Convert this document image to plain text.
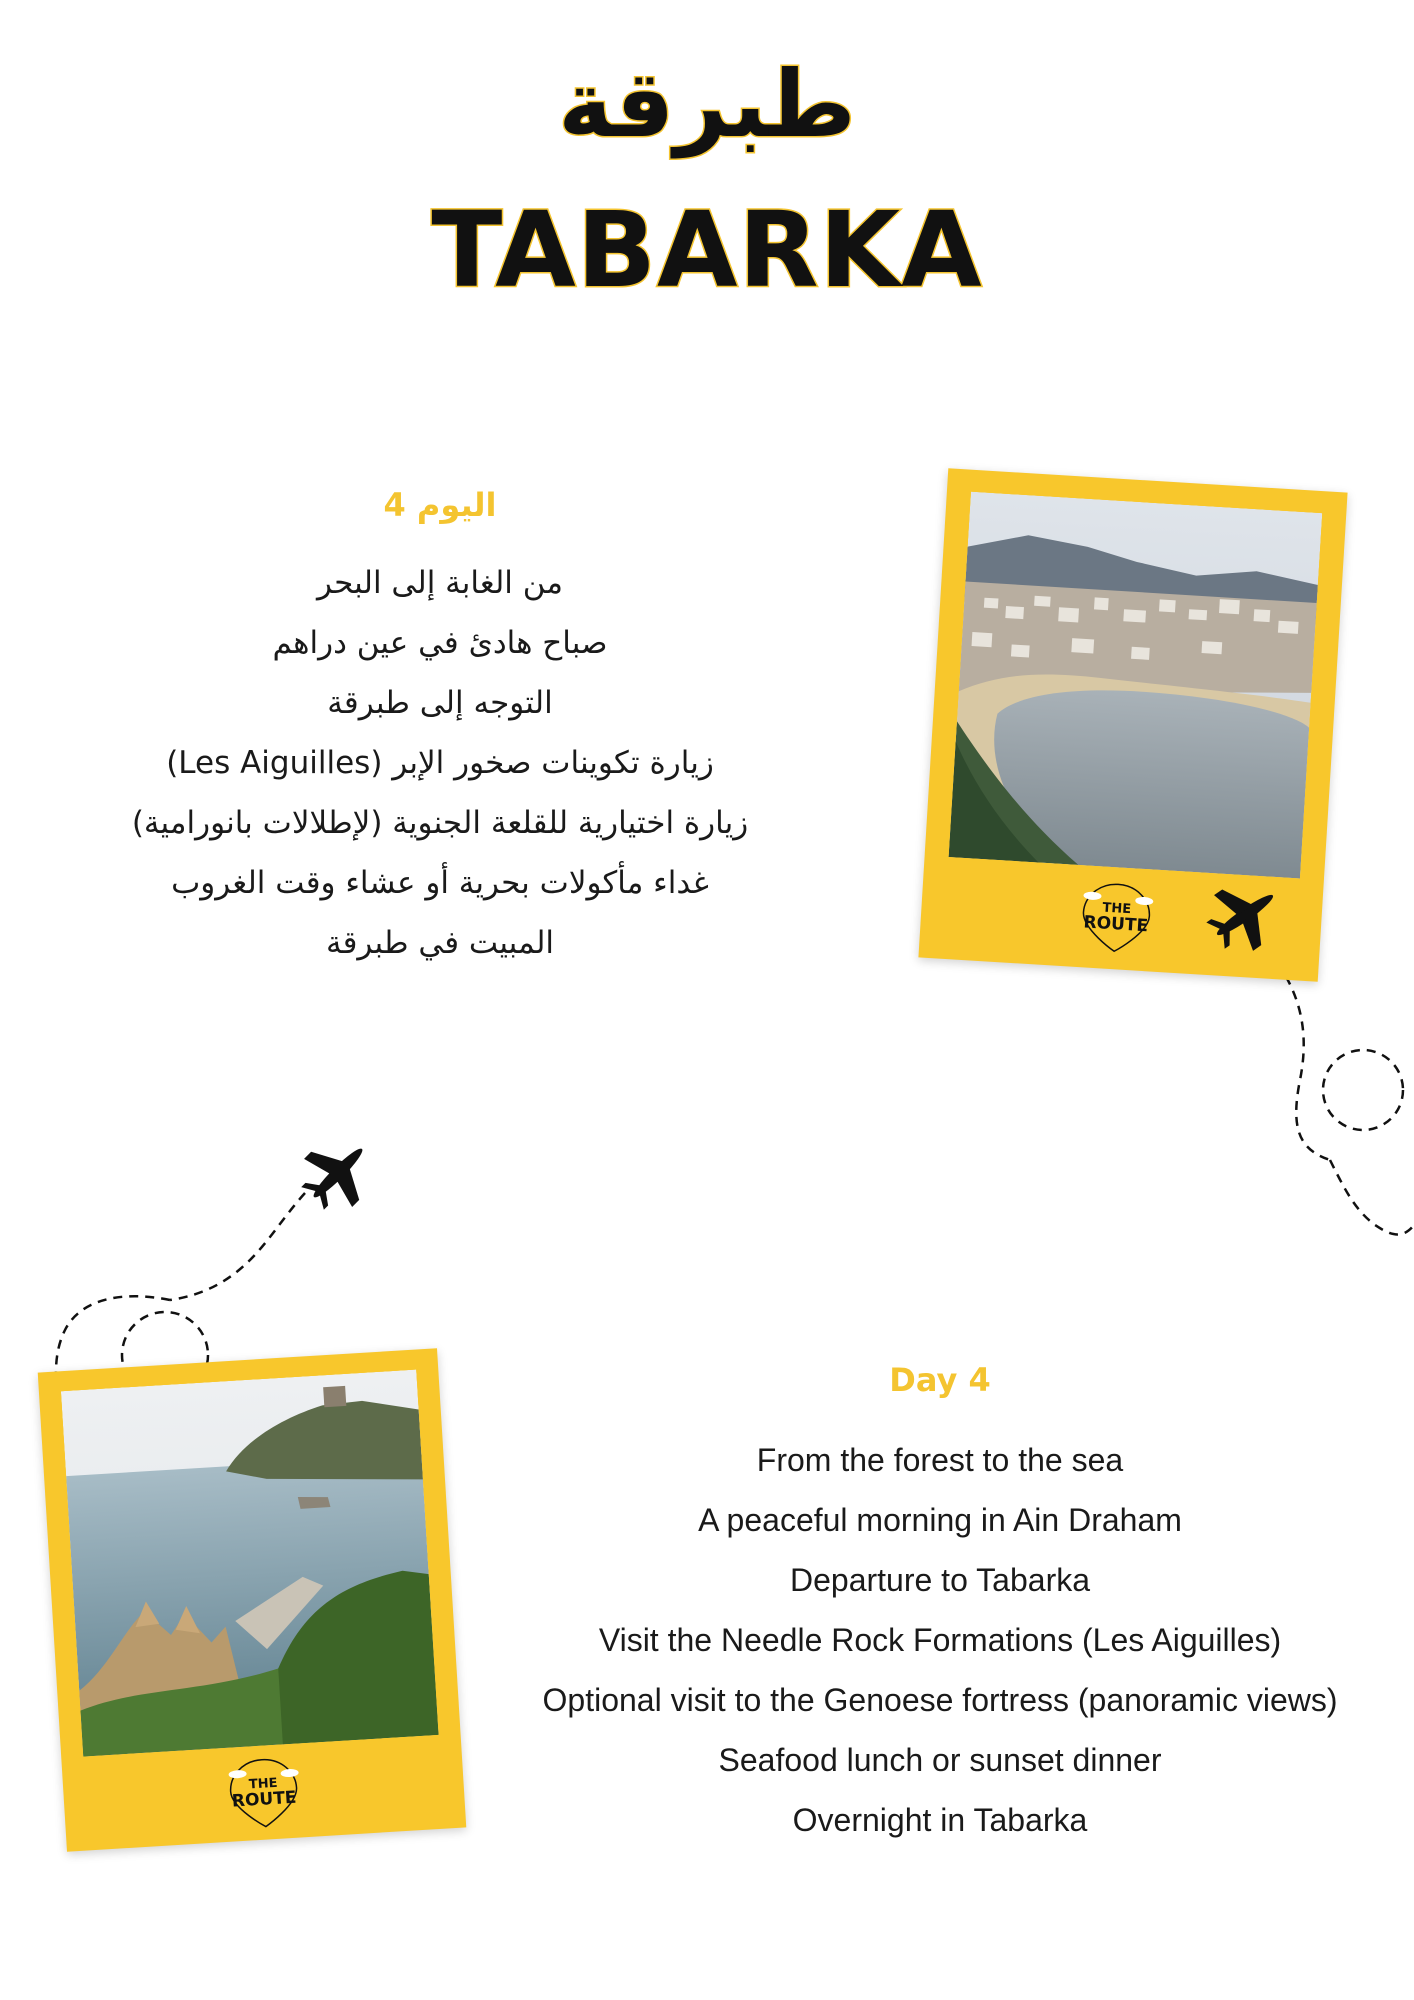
طبرقة
TABARKA
اليوم 4
من الغابة إلى البحر
صباح هادئ في عين دراهم
التوجه إلى طبرقة
زيارة تكوينات صخور الإبر (Les Aiguilles)
زيارة اختيارية للقلعة الجنوية (لإطلالات بانورامية)
غداء مأكولات بحرية أو عشاء وقت الغروب
المبيت في طبرقة
Day 4
From the forest to the sea
A peaceful morning in Ain Draham
Departure to Tabarka
Visit the Needle Rock Formations (Les Aiguilles)
Optional visit to the Genoese fortress (panoramic views)
Seafood lunch or sunset dinner
Overnight in Tabarka
THE
ROUTE
THE
ROUTE
